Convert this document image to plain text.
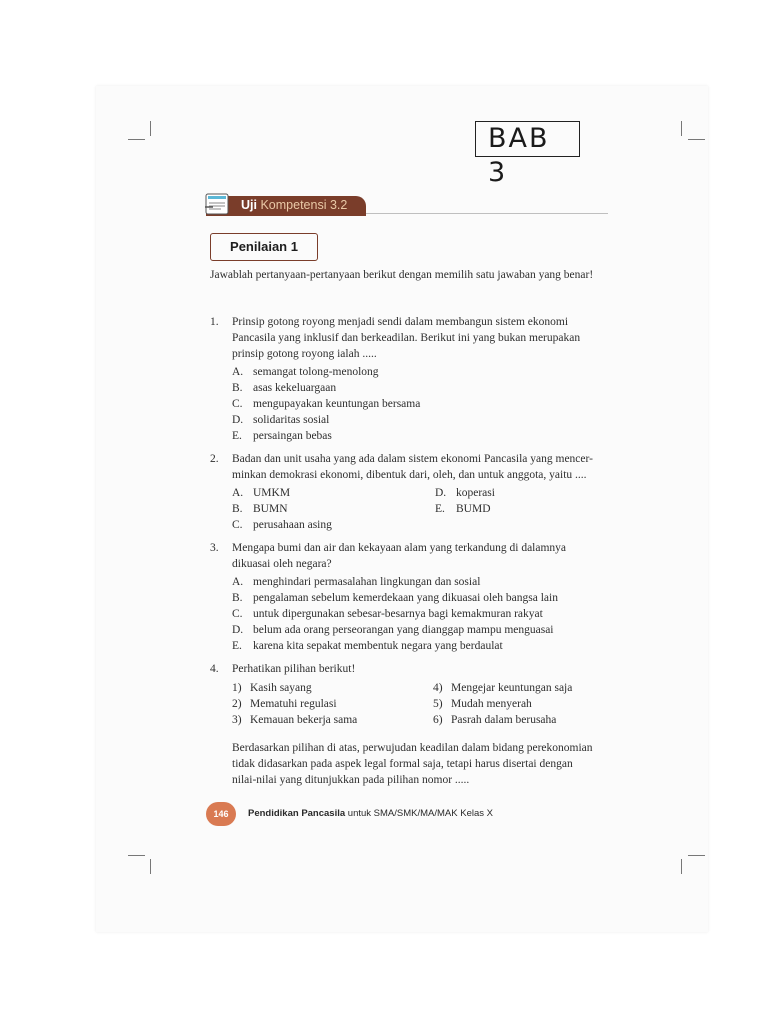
BAB 3
Uji Kompetensi 3.2
Penilaian 1
Jawablah pertanyaan-pertanyaan berikut dengan memilih satu jawaban yang benar!
1. Prinsip gotong royong menjadi sendi dalam membangun sistem ekonomi
Pancasila yang inklusif dan berkeadilan. Berikut ini yang bukan merupakan
prinsip gotong royong ialah .....
A. semangat tolong-menolong
B. asas kekeluargaan
C. mengupayakan keuntungan bersama
D. solidaritas sosial
E. persaingan bebas
2. Badan dan unit usaha yang ada dalam sistem ekonomi Pancasila yang mencer-
minkan demokrasi ekonomi, dibentuk dari, oleh, dan untuk anggota, yaitu ....
A. UMKM	D. koperasi
B. BUMN	E. BUMD
C. perusahaan asing
3. Mengapa bumi dan air dan kekayaan alam yang terkandung di dalamnya
dikuasai oleh negara?
A. menghindari permasalahan lingkungan dan sosial
B. pengalaman sebelum kemerdekaan yang dikuasai oleh bangsa lain
C. untuk dipergunakan sebesar-besarnya bagi kemakmuran rakyat
D. belum ada orang perseorangan yang dianggap mampu menguasai
E. karena kita sepakat membentuk negara yang berdaulat
4. Perhatikan pilihan berikut!
1) Kasih sayang	4) Mengejar keuntungan saja
2) Mematuhi regulasi	5) Mudah menyerah
3) Kemauan bekerja sama	6) Pasrah dalam berusaha
Berdasarkan pilihan di atas, perwujudan keadilan dalam bidang perekonomian
tidak didasarkan pada aspek legal formal saja, tetapi harus disertai dengan
nilai-nilai yang ditunjukkan pada pilihan nomor .....
146	Pendidikan Pancasila untuk SMA/SMK/MA/MAK Kelas X
